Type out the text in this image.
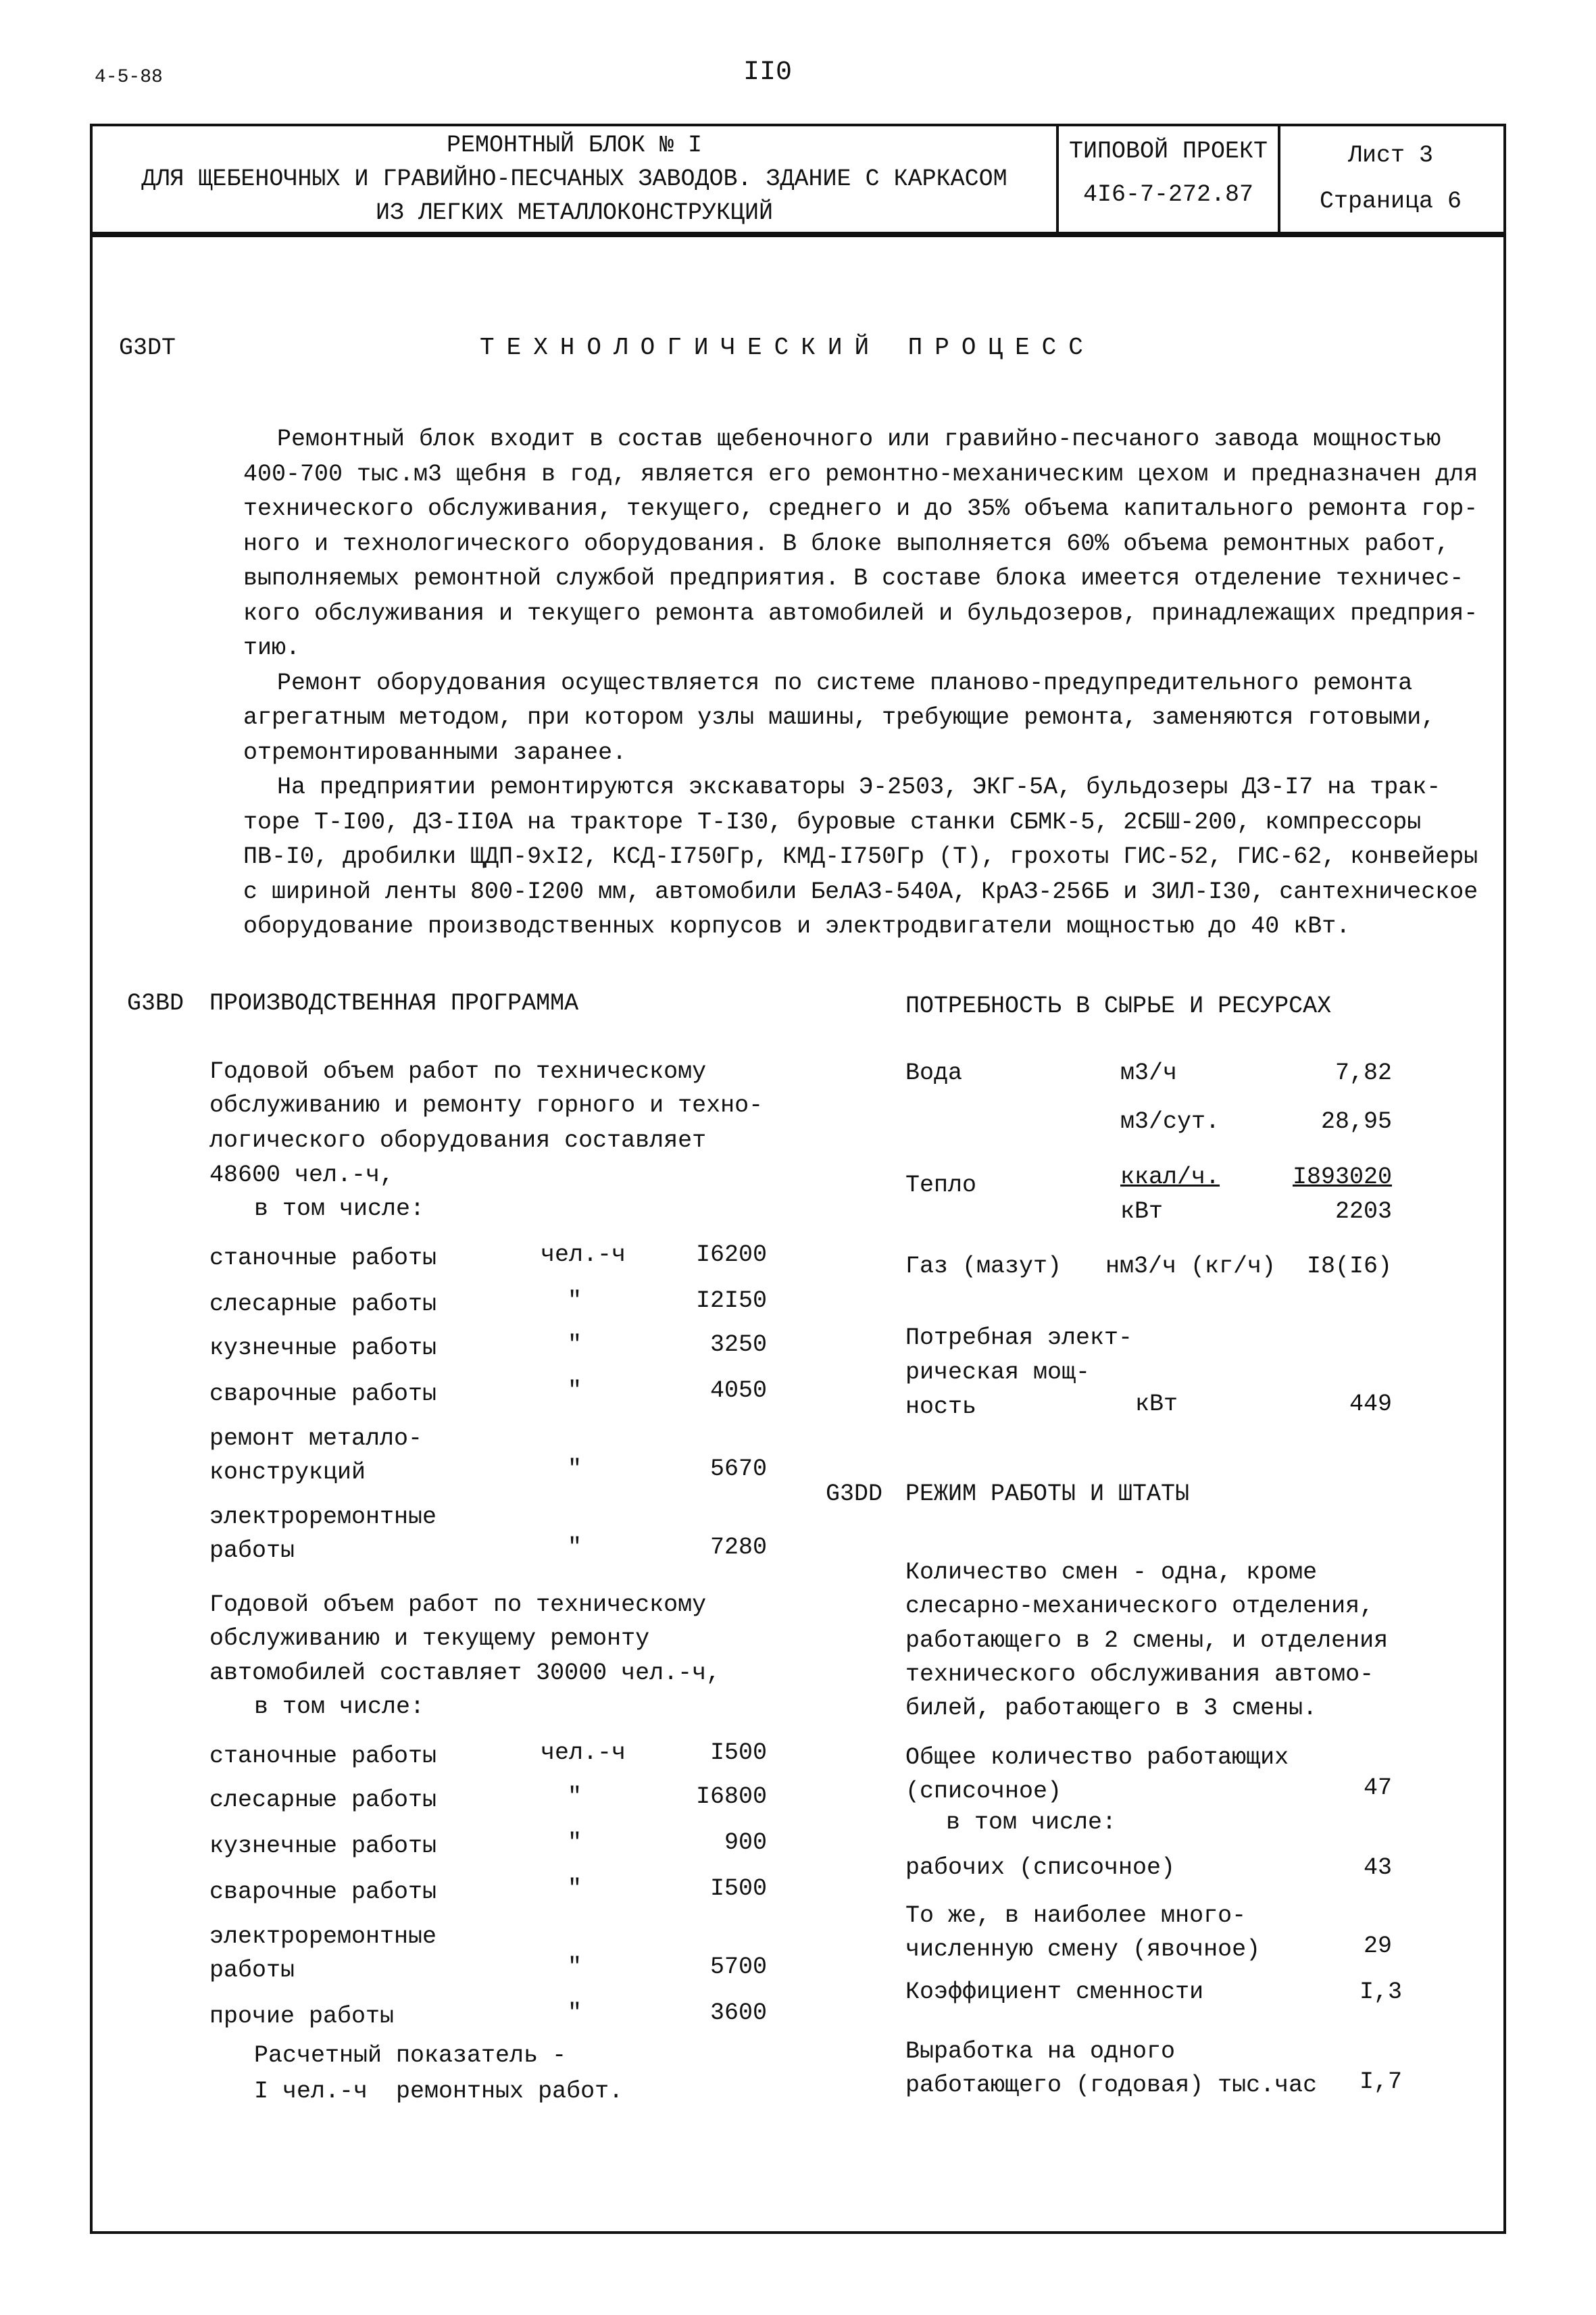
4-5-88	II0
РЕМОНТНЫЙ БЛОК № I
ДЛЯ ЩЕБЕНОЧНЫХ И ГРАВИЙНО-ПЕСЧАНЫХ ЗАВОДОВ. ЗДАНИЕ С КАРКАСОМ
ИЗ ЛЕГКИХ МЕТАЛЛОКОНСТРУКЦИЙ
ТИПОВОЙ ПРОЕКТ
4I6-7-272.87
Лист 3
Страница 6
G3DT	ТЕХНОЛОГИЧЕСКИЙ ПРОЦЕСС
Ремонтный блок входит в состав щебеночного или гравийно-песчаного завода мощностью
400-700 тыс.м3 щебня в год, является его ремонтно-механическим цехом и предназначен для
технического обслуживания, текущего, среднего и до 35% объема капитального ремонта гор-
ного и технологического оборудования. В блоке выполняется 60% объема ремонтных работ,
выполняемых ремонтной службой предприятия. В составе блока имеется отделение техничес-
кого обслуживания и текущего ремонта автомобилей и бульдозеров, принадлежащих предприя-
тию.
Ремонт оборудования осуществляется по системе планово-предупредительного ремонта
агрегатным методом, при котором узлы машины, требующие ремонта, заменяются готовыми,
отремонтированными заранее.
На предприятии ремонтируются экскаваторы Э-2503, ЭКГ-5А, бульдозеры ДЗ-I7 на трак-
торе Т-I00, ДЗ-II0А на тракторе Т-I30, буровые станки СБМК-5, 2СБШ-200, компрессоры
ПВ-I0, дробилки ЩДП-9хI2, КСД-I750Гр, КМД-I750Гр (Т), грохоты ГИС-52, ГИС-62, конвейеры
с шириной ленты 800-I200 мм, автомобили БелАЗ-540А, КрАЗ-256Б и ЗИЛ-I30, сантехническое
оборудование производственных корпусов и электродвигатели мощностью до 40 кВт.
G3BD ПРОИЗВОДСТВЕННАЯ ПРОГРАММА	ПОТРЕБНОСТЬ В СЫРЬЕ И РЕСУРСАХ
Годовой объем работ по техническому
обслуживанию и ремонту горного и техно-
логического оборудования составляет
48600 чел.-ч,
в том числе:
станочные работы	чел.-ч	I6200
слесарные работы	"	I2I50
кузнечные работы	"	3250
сварочные работы	"	4050
ремонт металло-
конструкций	"	5670
электроремонтные
работы	"	7280
Годовой объем работ по техническому
обслуживанию и текущему ремонту
автомобилей составляет 30000 чел.-ч,
в том числе:
станочные работы	чел.-ч	I500
слесарные работы	"	I6800
кузнечные работы	"	900
сварочные работы	"	I500
электроремонтные
работы	"	5700
прочие работы	"	3600
Расчетный показатель -
I чел.-ч  ремонтных работ.
Вода	м3/ч	7,82
м3/сут.	28,95
Тепло	ккал/ч.	I893020
кВт	2203
Газ (мазут) нм3/ч (кг/ч)	I8(I6)
Потребная элект-
рическая мощ-
ность	кВт	449
G3DD РЕЖИМ РАБОТЫ И ШТАТЫ
Количество смен - одна, кроме
слесарно-механического отделения,
работающего в 2 смены, и отделения
технического обслуживания автомо-
билей, работающего в 3 смены.
Общее количество работающих
(списочное)	47
в том числе:
рабочих (списочное)	43
То же, в наиболее много-
численную смену (явочное)	29
Коэффициент сменности	I,3
Выработка на одного
работающего (годовая) тыс.час	I,7
